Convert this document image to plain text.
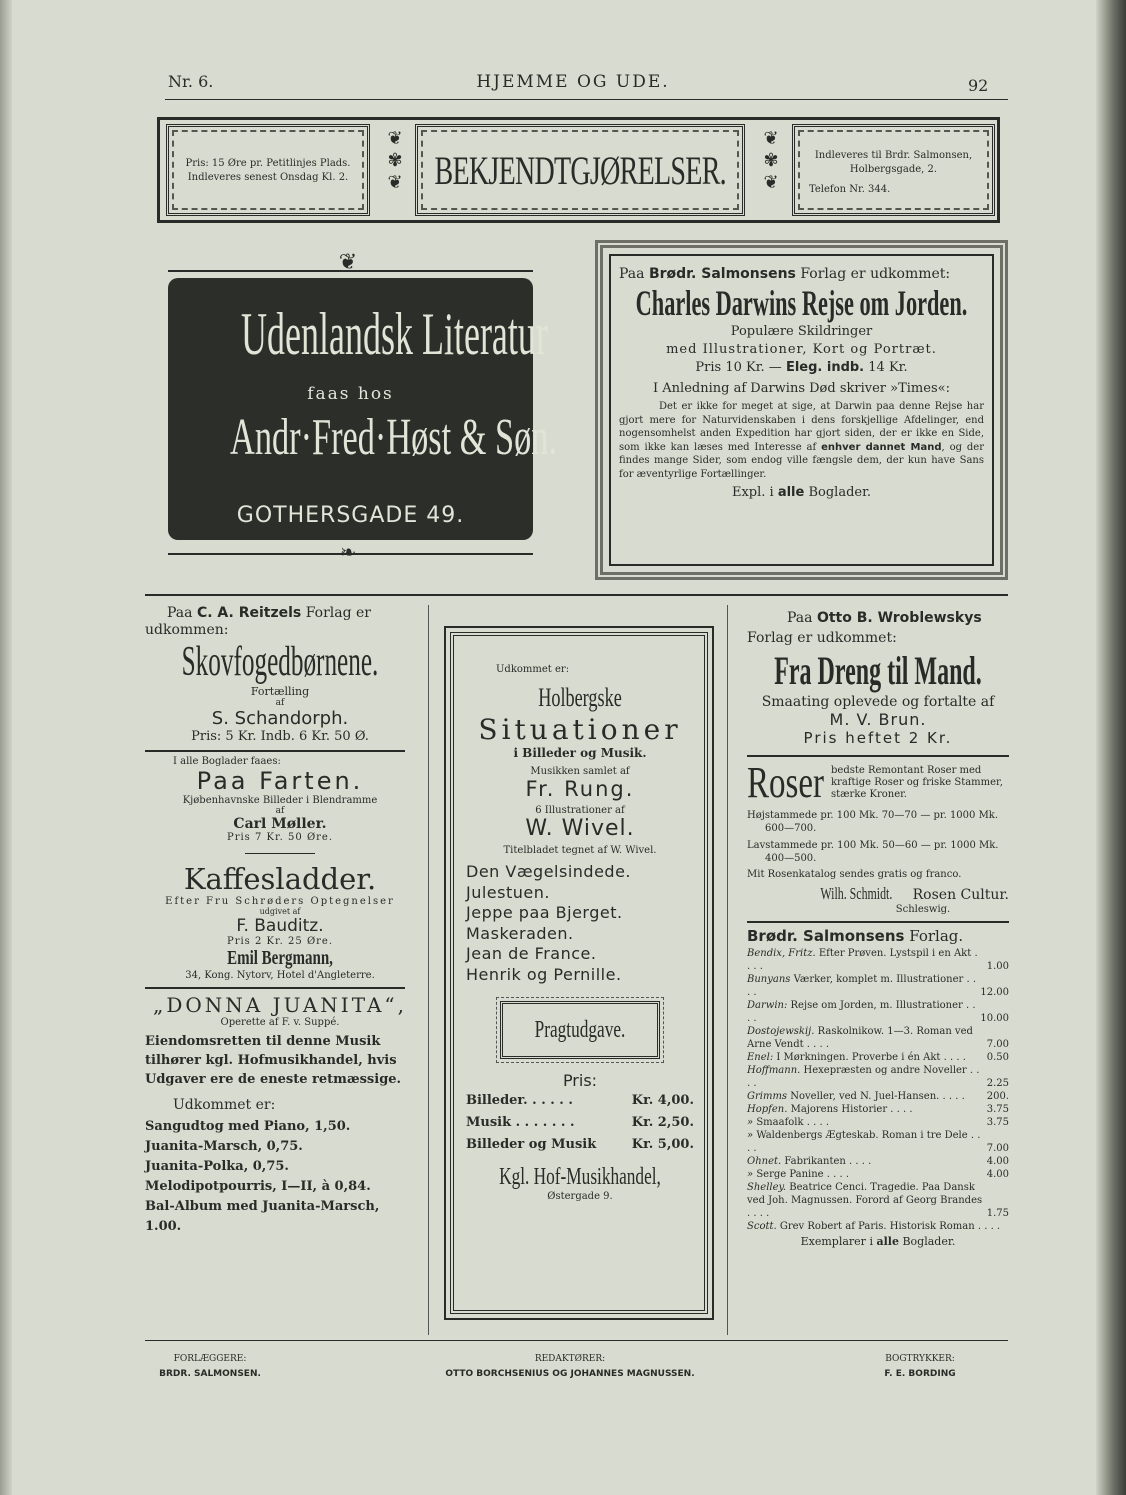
Nr. 6.	HJEMME OG UDE.	92
Pris: 15 Øre pr. Petitlinjes Plads.
Indleveres senest Onsdag Kl. 2.
❦
✾
❦ BEKJENDTGJØRELSER.
❦
✾
❦
Indleveres til Brdr. Salmonsen,
Holbergsgade, 2.
Telefon Nr. 344.
❦
Udenlandsk Literatur
faas hos
Andr·Fred·Høst & Søn.
GOTHERSGADE 49.
❧
Paa Brødr. Salmonsens Forlag er udkommet:
Charles Darwins Rejse om Jorden.
Populære Skildringer
med Illustrationer, Kort og Portræt.
Pris 10 Kr. — Eleg. indb. 14 Kr.
I Anledning af Darwins Død skriver »Times«:
Det er ikke for meget at sige, at Darwin paa denne Rejse har gjort mere for Naturvidenskaben i dens forskjellige Afdelinger, end nogensomhelst anden Expedition har gjort siden, der er ikke en Side, som ikke kan læses med Interesse af enhver dannet Mand, og der findes mange Sider, som endog ville fængsle dem, der kun have Sans for æventyrlige Fortællinger.
Expl. i alle Boglader.
Paa C. A. Reitzels Forlag er udkommen:
Skovfogedbørnene.
Fortælling
af
S. Schandorph.
Pris: 5 Kr. Indb. 6 Kr. 50 Ø.
I alle Boglader faaes:
Paa Farten.
Kjøbenhavnske Billeder i Blendramme
af
Carl Møller.
Pris 7 Kr. 50 Øre.
Kaffesladder.
Efter Fru Schrøders Optegnelser
udgivet af
F. Bauditz.
Pris 2 Kr. 25 Øre.
Emil Bergmann,
34, Kong. Nytorv, Hotel d'Angleterre.
„DONNA JUANITA“,
Operette af F. v. Suppé.
Eiendomsretten til denne Musik tilhører kgl. Hofmusikhandel, hvis Udgaver ere de eneste retmæssige.
Udkommet er:
Sangudtog med Piano, 1,50.
Juanita-Marsch, 0,75.
Juanita-Polka, 0,75.
Melodipotpourris, I—II, à 0,84.
Bal-Album med Juanita-Marsch, 1.00.
Udkommet er:
Holbergske
Situationer
i Billeder og Musik.
Musikken samlet af
Fr. Rung.
6 Illustrationer af
W. Wivel.
Titelbladet tegnet af W. Wivel.
Den Vægelsindede.
Julestuen.
Jeppe paa Bjerget.
Maskeraden.
Jean de France.
Henrik og Pernille.
Pragtudgave.
Pris:
Billeder. . . . . .	Kr. 4,00.
Musik . . . . . . .	Kr. 2,50.
Billeder og Musik	Kr. 5,00.
Kgl. Hof-Musikhandel,
Østergade 9.
Paa Otto B. Wroblewskys
Forlag er udkommet:
Fra Dreng til Mand.
Smaating oplevede og fortalte af
M. V. Brun.
Pris heftet 2 Kr.
Roser bedste Remontant Roser med kraftige Roser og friske Stammer, stærke Kroner.
Højstammede pr. 100 Mk. 70—70 — pr. 1000 Mk. 600—700.
Lavstammede pr. 100 Mk. 50—60 — pr. 1000 Mk. 400—500.
Mit Rosenkatalog sendes gratis og franco.
Wilh. Schmidt. Rosen Cultur.
Schleswig.
Brødr. Salmonsens Forlag.
Bendix, Fritz. Efter Prøven. Lystspil i en Akt . . . .	1.00
Bunyans Værker, komplet m. Illustrationer . . . .	12.00
Darwin: Rejse om Jorden, m. Illustrationer . . . .	10.00
Dostojewskij. Raskolnikow. 1—3. Roman ved Arne Vendt . . . .	7.00
Enel: I Mørkningen. Proverbe i én Akt . . . . 0.50
Hoffmann. Hexepræsten og andre Noveller . . . .	2.25
Grimms Noveller, ved N. Juel-Hansen. . . . . 200.
Hopfen. Majorens Historier . . . .	3.75
» Smaafolk . . . .	3.75
» Waldenbergs Ægteskab. Roman i tre Dele . . . .	7.00
Ohnet. Fabrikanten . . . .	4.00
» Serge Panine . . . .	4.00
Shelley. Beatrice Cenci. Tragedie. Paa Dansk ved Joh. Magnussen. Forord af Georg Brandes . . . .	1.75
Scott. Grev Robert af Paris. Historisk Roman . . . .
Exemplarer i alle Boglader.
FORLÆGGERE:
BRDR. SALMONSEN.
REDAKTØRER:
OTTO BORCHSENIUS OG JOHANNES MAGNUSSEN.
BOGTRYKKER:
F. E. BORDING
